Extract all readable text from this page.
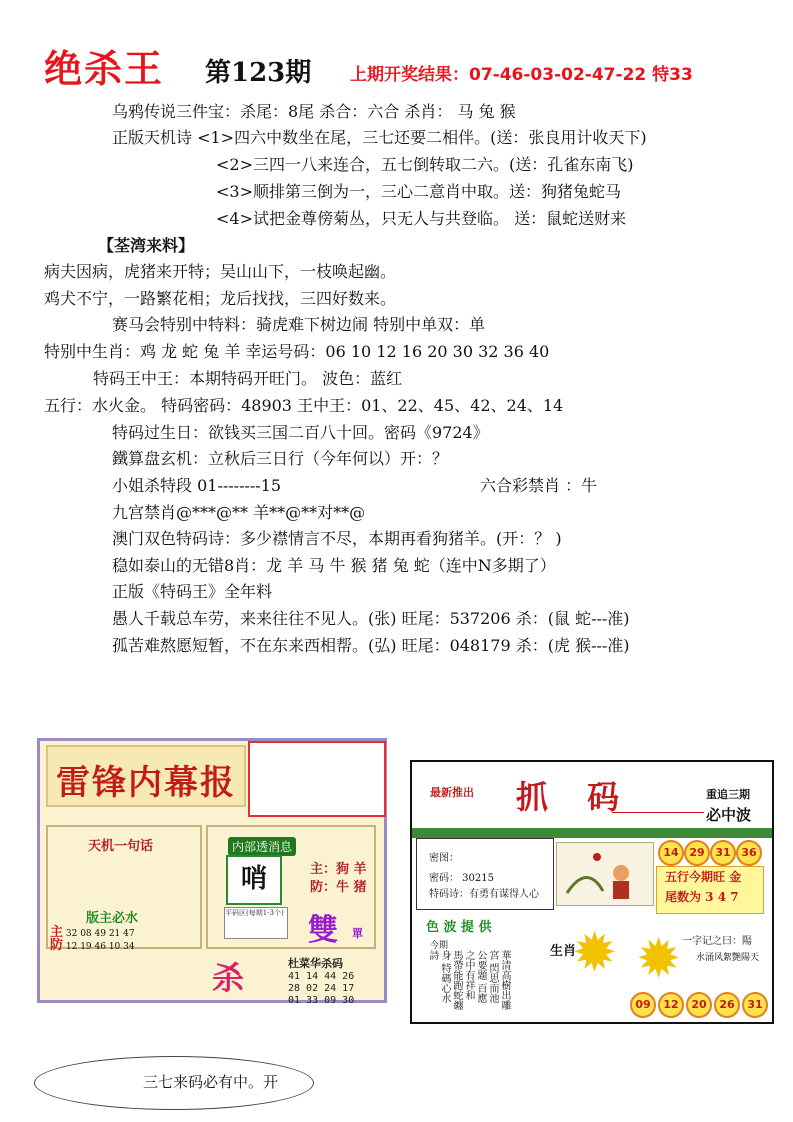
绝杀王 第123期 上期开奖结果：07-46-03-02-47-22 特33
乌鸦传说三件宝：杀尾：8尾 杀合：六合 杀肖： 马 兔 猴
正版天机诗 <1>四六中数坐在尾，三七还要二相伴。(送：张良用计收天下)
<2>三四一八来连合，五七倒转取二六。(送：孔雀东南飞)
<3>顺排第三倒为一，三心二意肖中取。送：狗猪兔蛇马
<4>试把金尊傍菊丛，只无人与共登临。 送：鼠蛇送财来
【荃湾来料】
病夫因病，虎猪来开特；吴山山下，一枝唤起幽。
鸡犬不宁，一路繁花相；龙后找找，三四好数来。
赛马会特别中特料：骑虎难下树边闹 特别中单双：单
特别中生肖：鸡 龙 蛇 兔 羊 幸运号码：06 10 12 16 20 30 32 36 40
特码王中王：本期特码开旺门。 波色：蓝红
五行：水火金。 特码密码：48903 王中王：01、22、45、42、24、14
特码过生日：欲钱买三国二百八十回。密码《9724》
鐵算盘玄机：立秋后三日行（今年何以）开：？
小姐杀特段 01--------15	六合彩禁肖 ：牛
九宫禁肖@***@** 羊**@**对**@
澳门双色特码诗：多少襟情言不尽，本期再看狗猪羊。(开：？ )
稳如泰山的无错8肖：龙 羊 马 牛 猴 猪 兔 蛇（连中N多期了）
正版《特码王》全年料
愚人千载总车劳，来来往往不见人。(张) 旺尾：537206 杀：(鼠 蛇---准)
孤苦难熬愿短暂，不在东来西相帮。(弘) 旺尾：048179 杀：(虎 猴---准)
雷锋内幕报
天机一句话
版主必水
主 32 08 49 21 47
防 12 19 46 10 34
内部透消息
哨
平码区(每期1-3个)
主：狗 羊
防：牛 猪
雙 單
杀	杜菜华杀码
41 14 44 26
28 02 24 17
01 33 09 30
最新推出 抓 码	重追三期
必中波
密图：
密码： 30215
特码诗：有勇有谋得人心
14 29 31 36
五行今期旺 金
尾数为 3 4 7
色 波 提 供
今期
華清高樹出雕宮 閃思而池公要題 百應之中有祥和 馬帶能跑蛇纏身 特碼心水詩	生肖
✹ ✹ 一字记之曰：陽
水涌风絮艷陽天
09	12	20	26	31
三七来码必有中。开
